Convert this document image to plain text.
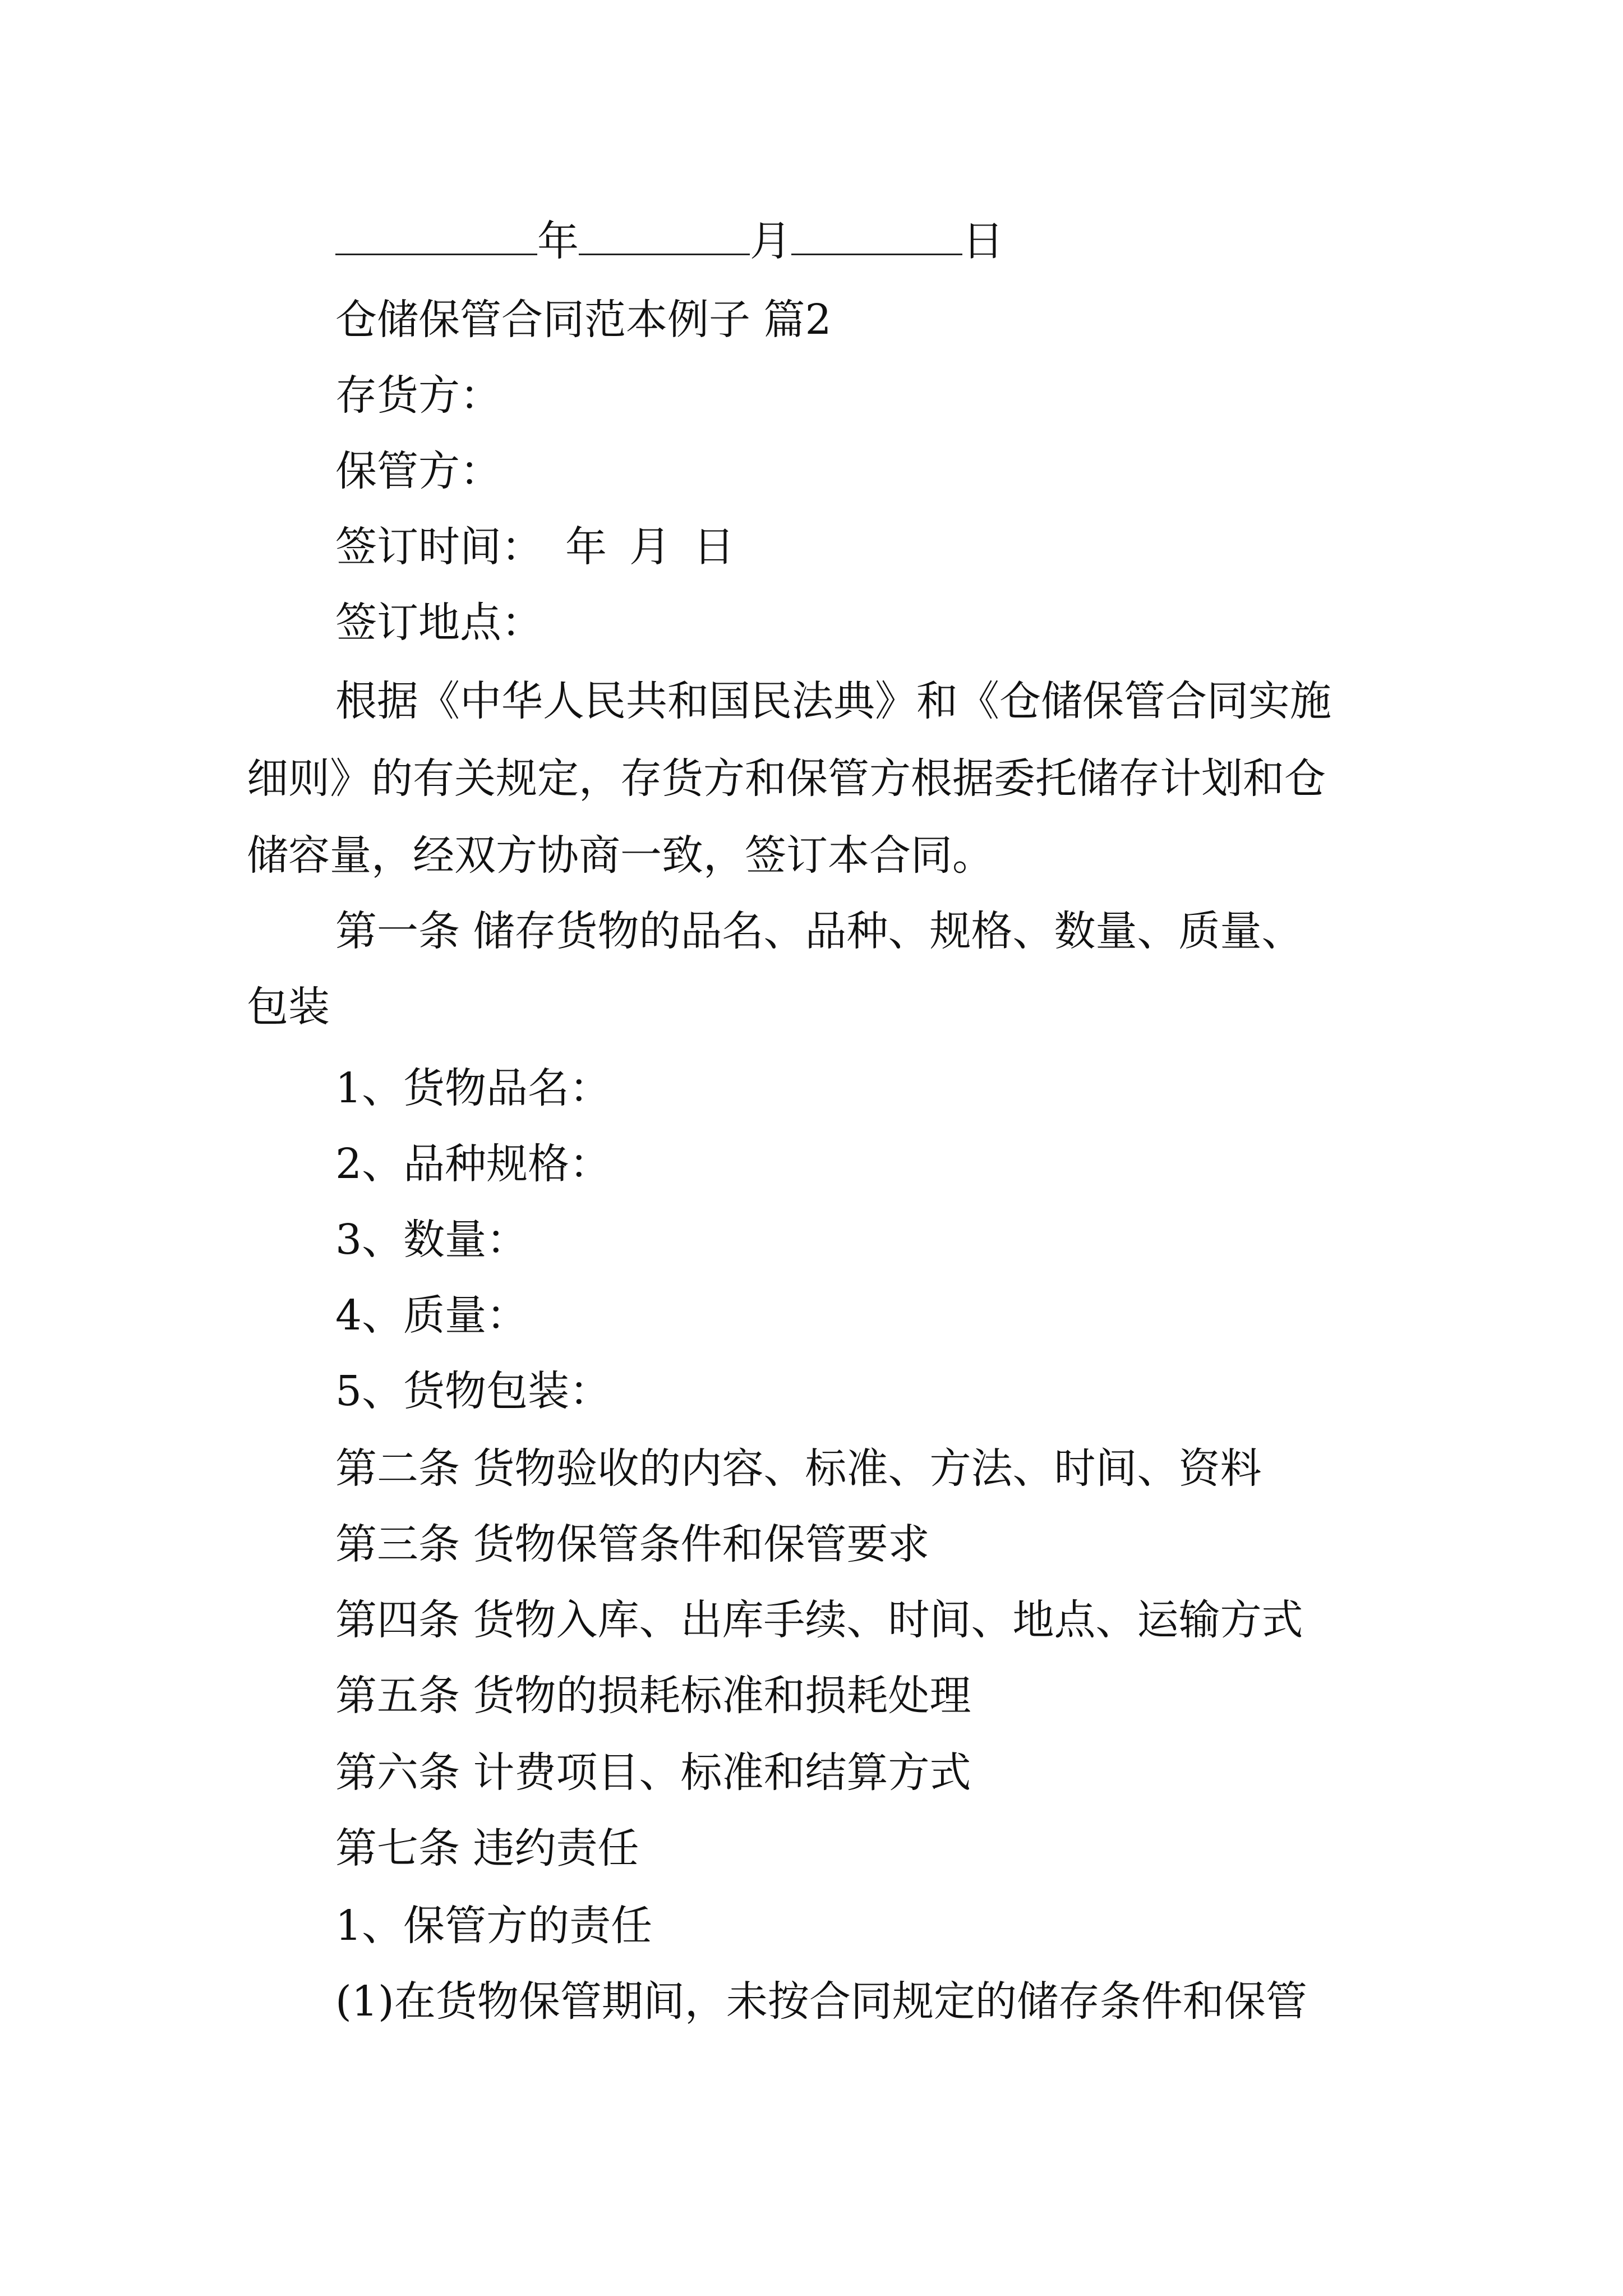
年	月	日
仓储保管合同范本例子 篇2
存货方：
保管方：
签订时间： 年 月 日
签订地点：
根据《中华人民共和国民法典》和《仓储保管合同实施
细则》的有关规定，存货方和保管方根据委托储存计划和仓
储容量，经双方协商一致，签订本合同。
第一条 储存货物的品名、品种、规格、数量、质量、
包装
1、货物品名：
2、品种规格：
3、数量：
4、质量：
5、货物包装：
第二条 货物验收的内容、标准、方法、时间、资料
第三条 货物保管条件和保管要求
第四条 货物入库、出库手续、时间、地点、运输方式
第五条 货物的损耗标准和损耗处理
第六条 计费项目、标准和结算方式
第七条 违约责任
1、保管方的责任
(1)在货物保管期间，未按合同规定的储存条件和保管
